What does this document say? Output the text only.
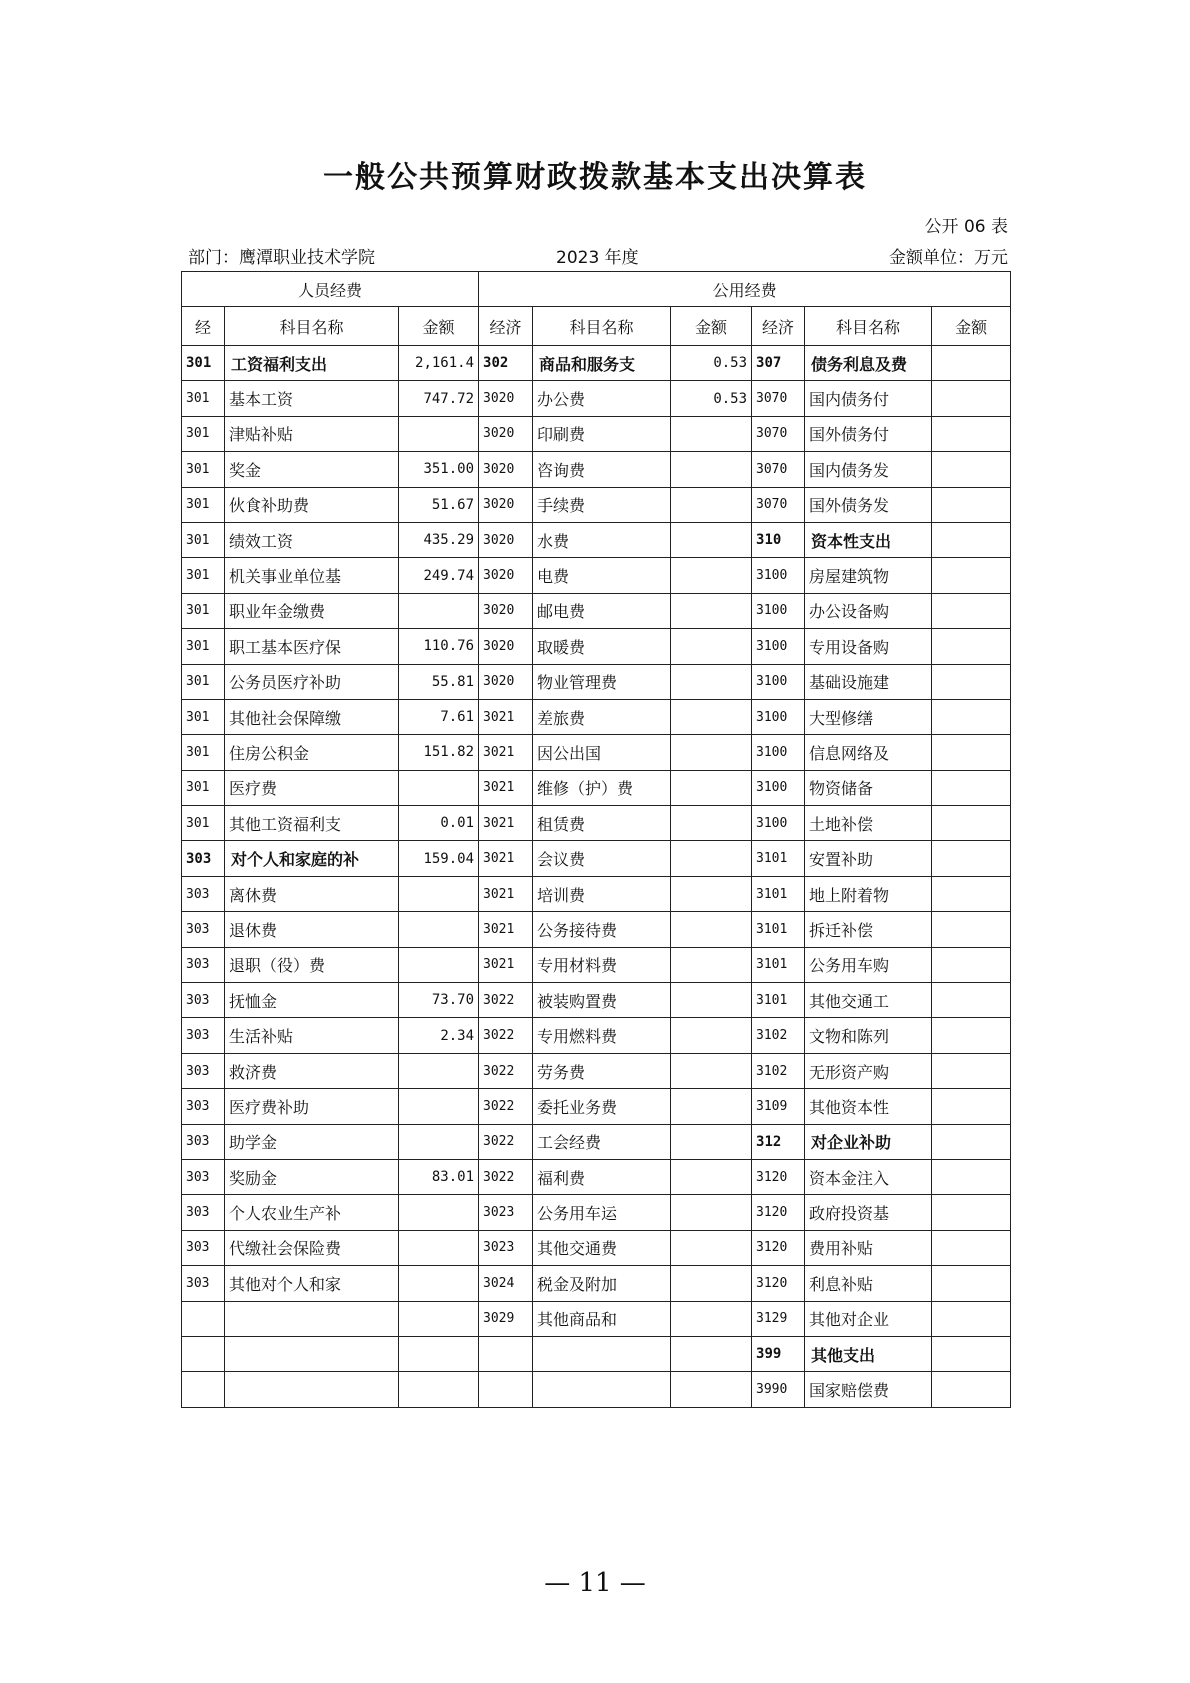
一般公共预算财政拨款基本支出决算表
公开 06 表
部门：鹰潭职业技术学院	2023 年度	金额单位：万元
人员经费			公用经费					
经	科目名称	金额	经济	科目名称	金额	经济	科目名称	金额
301	工资福利支出	2,161.4	302	商品和服务支	0.53	307	债务利息及费	
301	基本工资	747.72	3020	办公费	0.53	3070	国内债务付	
301	津贴补贴		3020	印刷费		3070	国外债务付	
301	奖金	351.00	3020	咨询费		3070	国内债务发	
301	伙食补助费	51.67	3020	手续费		3070	国外债务发	
301	绩效工资	435.29	3020	水费		310	资本性支出	
301	机关事业单位基	249.74	3020	电费		3100	房屋建筑物	
301	职业年金缴费		3020	邮电费		3100	办公设备购	
301	职工基本医疗保	110.76	3020	取暖费		3100	专用设备购	
301	公务员医疗补助	55.81	3020	物业管理费		3100	基础设施建	
301	其他社会保障缴	7.61	3021	差旅费		3100	大型修缮	
301	住房公积金	151.82	3021	因公出国		3100	信息网络及	
301	医疗费		3021	维修（护）费		3100	物资储备	
301	其他工资福利支	0.01	3021	租赁费		3100	土地补偿	
303	对个人和家庭的补	159.04	3021	会议费		3101	安置补助	
303	离休费		3021	培训费		3101	地上附着物	
303	退休费		3021	公务接待费		3101	拆迁补偿	
303	退职（役）费		3021	专用材料费		3101	公务用车购	
303	抚恤金	73.70	3022	被装购置费		3101	其他交通工	
303	生活补贴	2.34	3022	专用燃料费		3102	文物和陈列	
303	救济费		3022	劳务费		3102	无形资产购	
303	医疗费补助		3022	委托业务费		3109	其他资本性	
303	助学金		3022	工会经费		312	对企业补助	
303	奖励金	83.01	3022	福利费		3120	资本金注入	
303	个人农业生产补		3023	公务用车运		3120	政府投资基	
303	代缴社会保险费		3023	其他交通费		3120	费用补贴	
303	其他对个人和家		3024	税金及附加		3120	利息补贴	
			3029	其他商品和		3129	其他对企业	
						399	其他支出	
						3990	国家赔偿费	
— 11 —
